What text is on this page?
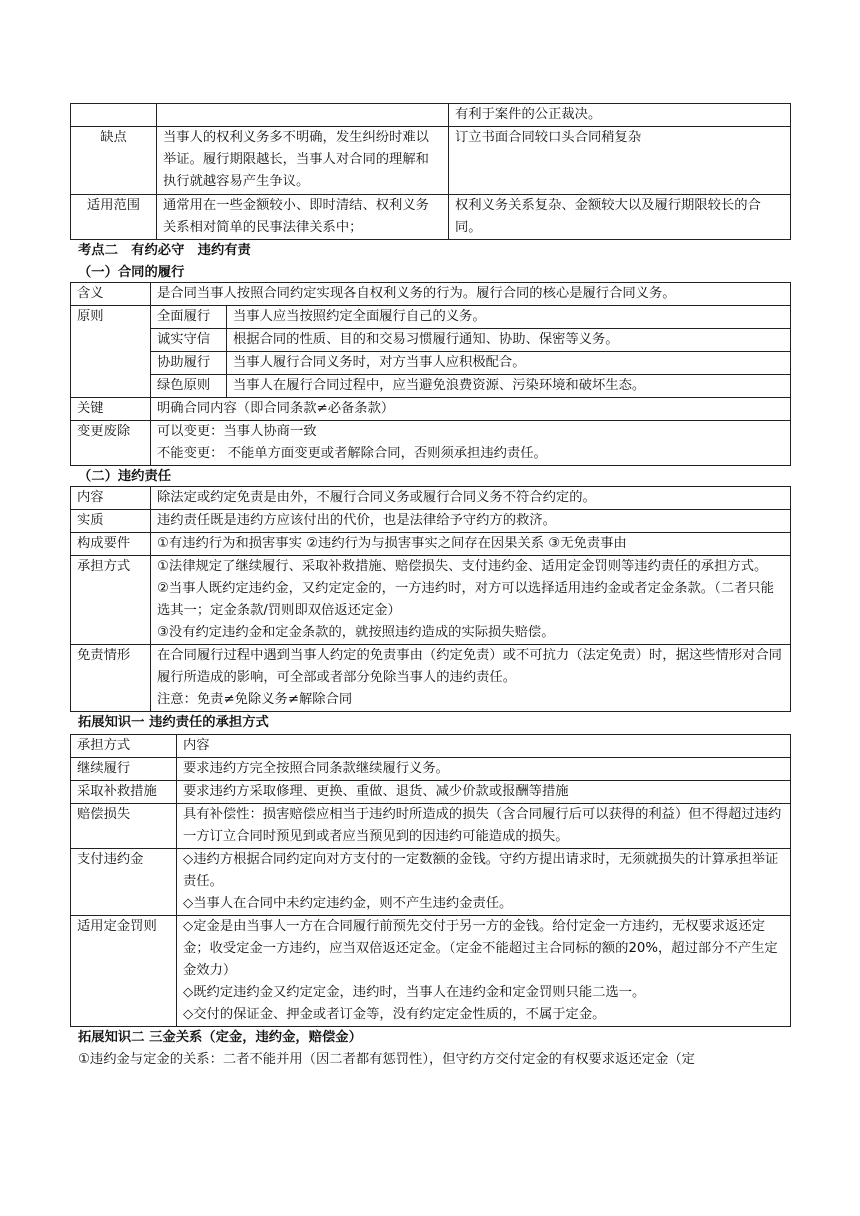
		有利于案件的公正裁决。
缺点	当事人的权利义务多不明确，发生纠纷时难以举证。履行期限越长，当事人对合同的理解和执行就越容易产生争议。	订立书面合同较口头合同稍复杂
适用范围	通常用在一些金额较小、即时清结、权利义务关系相对简单的民事法律关系中；	权利义务关系复杂、金额较大以及履行期限较长的合同。
考点二　有约必守　违约有责
（一）合同的履行
含义	是合同当事人按照合同约定实现各自权利义务的行为。履行合同的核心是履行合同义务。	
原则	全面履行	当事人应当按照约定全面履行自己的义务。
	诚实守信	根据合同的性质、目的和交易习惯履行通知、协助、保密等义务。
	协助履行	当事人履行合同义务时，对方当事人应积极配合。
	绿色原则	当事人在履行合同过程中，应当避免浪费资源、污染环境和破坏生态。
关键	明确合同内容（即合同条款≠必备条款）	
变更废除	可以变更：当事人协商一致
不能变更： 不能单方面变更或者解除合同，否则须承担违约责任。	
（二）违约责任
内容	除法定或约定免责是由外，不履行合同义务或履行合同义务不符合约定的。
实质	违约责任既是违约方应该付出的代价，也是法律给予守约方的救济。
构成要件	①有违约行为和损害事实 ②违约行为与损害事实之间存在因果关系 ③无免责事由
承担方式	①法律规定了继续履行、采取补救措施、赔偿损失、支付违约金、适用定金罚则等违约责任的承担方式。
②当事人既约定违约金，又约定定金的，一方违约时，对方可以选择适用违约金或者定金条款。（二者只能选其一；定金条款/罚则即双倍返还定金）
③没有约定违约金和定金条款的，就按照违约造成的实际损失赔偿。

免责情形	在合同履行过程中遇到当事人约定的免责事由（约定免责）或不可抗力（法定免责）时，据这些情形对合同履行所造成的影响，可全部或者部分免除当事人的违约责任。
注意：免责≠免除义务≠解除合同
拓展知识一 违约责任的承担方式
承担方式	内容
继续履行	要求违约方完全按照合同条款继续履行义务。
采取补救措施	要求违约方采取修理、更换、重做、退货、减少价款或报酬等措施
赔偿损失	具有补偿性：损害赔偿应相当于违约时所造成的损失（含合同履行后可以获得的利益）但不得超过违约一方订立合同时预见到或者应当预见到的因违约可能造成的损失。
支付违约金	◇违约方根据合同约定向对方支付的一定数额的金钱。守约方提出请求时，无须就损失的计算承担举证责任。
◇当事人在合同中未约定违约金，则不产生违约金责任。

适用定金罚则	◇定金是由当事人一方在合同履行前预先交付于另一方的金钱。给付定金一方违约，无权要求返还定金；收受定金一方违约，应当双倍返还定金。（定金不能超过主合同标的额的20%，超过部分不产生定金效力）
◇既约定违约金又约定定金，违约时，当事人在违约金和定金罚则只能二选一。
◇交付的保证金、押金或者订金等，没有约定定金性质的，不属于定金。
拓展知识二 三金关系（定金，违约金，赔偿金）
①违约金与定金的关系：二者不能并用（因二者都有惩罚性），但守约方交付定金的有权要求返还定金（定
